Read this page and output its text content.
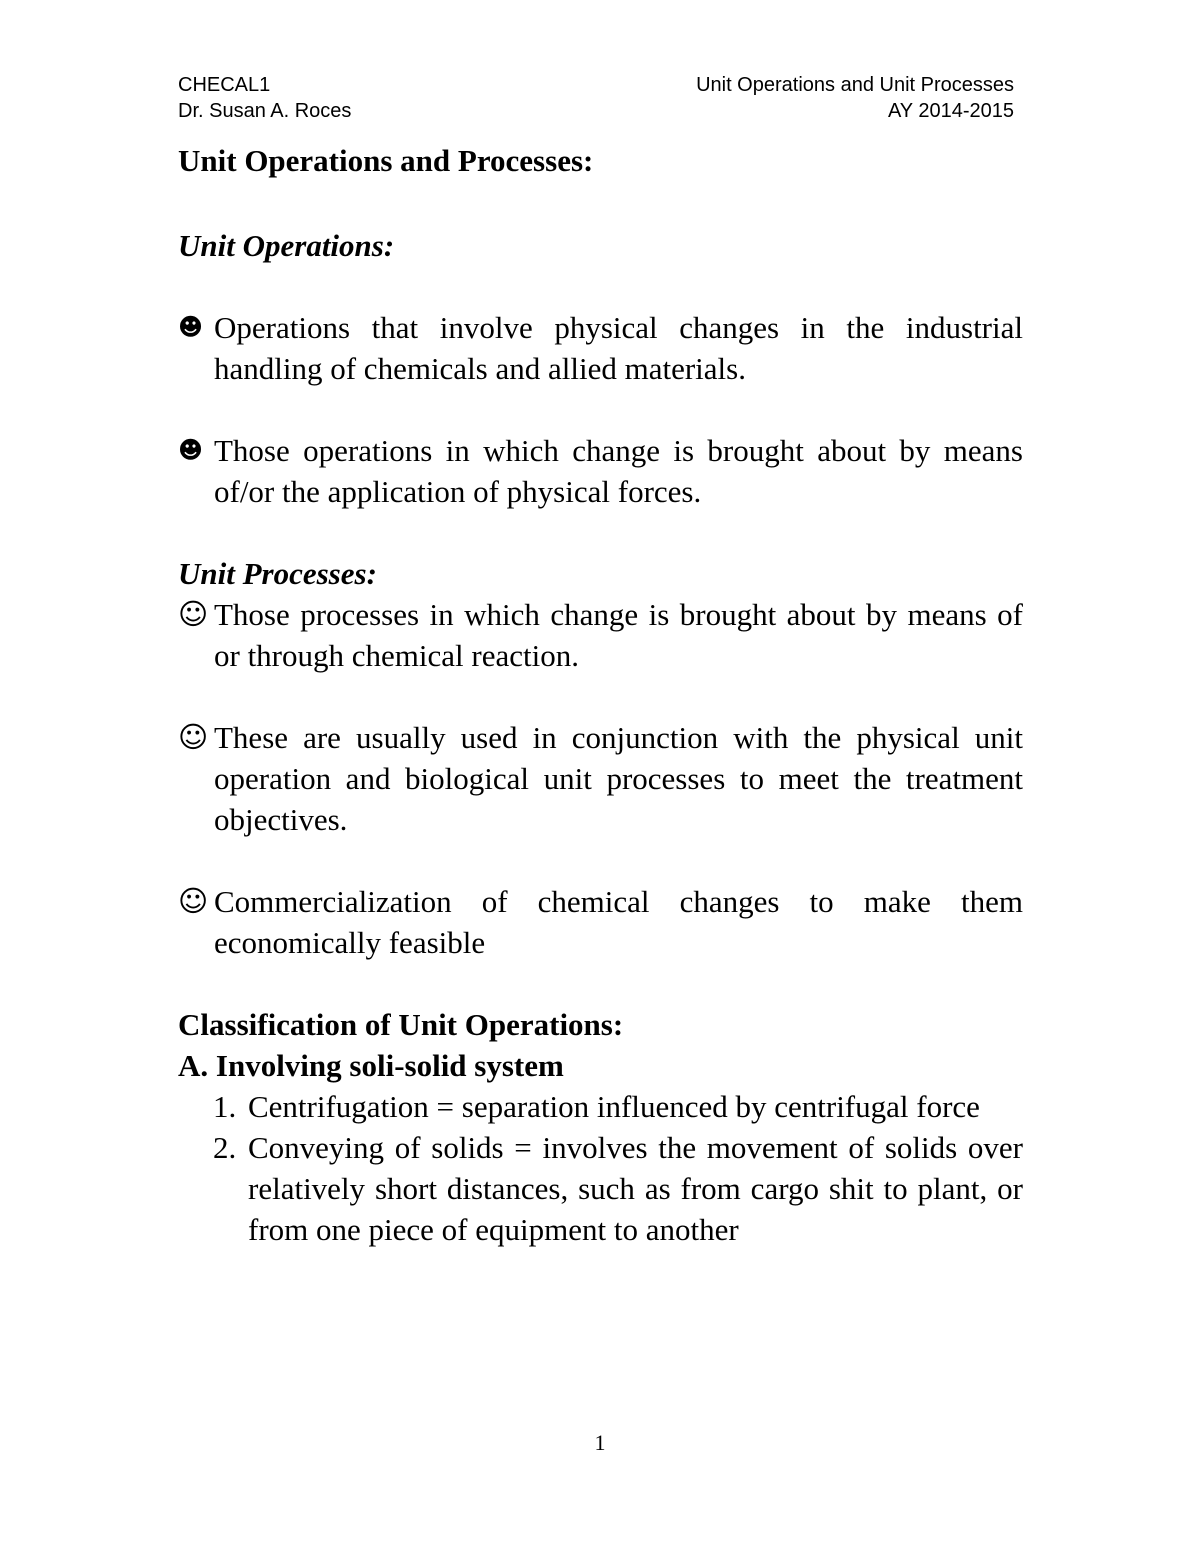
CHECAL1	Unit Operations and Unit Processes
Dr. Susan A. Roces	AY 2014-2015
Unit Operations and Processes:
Unit Operations:
☻ Operations that involve physical changes in the industrial handling of chemicals and allied materials.
☻ Those operations in which change is brought about by means of/or the application of physical forces.
Unit Processes:
☺ Those processes in which change is brought about by means of or through chemical reaction.
☺ These are usually used in conjunction with the physical unit operation and biological unit processes to meet the treatment objectives.
☺ Commercialization of chemical changes to make them economically feasible
Classification of Unit Operations:
A. Involving soli-solid system
1. Centrifugation = separation influenced by centrifugal force
2. Conveying of solids = involves the movement of solids over relatively short distances, such as from cargo shit to plant, or from one piece of equipment to another
1
